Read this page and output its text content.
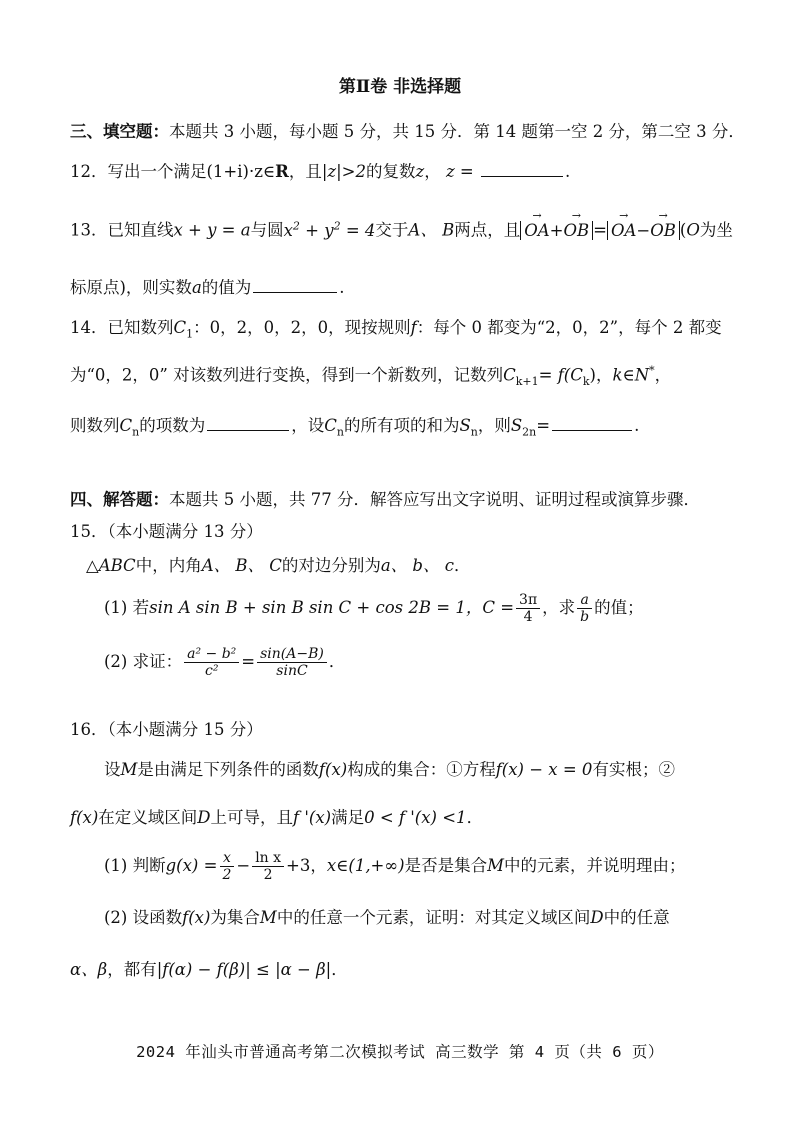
第Ⅱ卷 非选择题
三、填空题：本题共 3 小题，每小题 5 分，共 15 分．第 14 题第一空 2 分，第二空 3 分．
12．写出一个满足(1+i)·z∈R，且|z|>2的复数z， z =	.
13．已知直线x + y = a与圆$x^2 + y^2 = 4$交于A、 B两点，且 → OA+→ OB = → OA−→ OB (O为坐
标原点)，则实数a的值为	.
14．已知数列$C_1$：0，2，0，2，0，现按规则f：每个 0 都变为“2，0，2”，每个 2 都变
为“0，2，0” 对该数列进行变换，得到一个新数列，记数列$C_{k+1}= f(C_k)$，k∈N*，
则数列$C_n$的项数为	，设$C_n$的所有项的和为$S_n$，则$S_{2n}=$	.
四、解答题：本题共 5 小题，共 77 分．解答应写出文字说明、证明过程或演算步骤．
15．（本小题满分 13 分）
△ABC中，内角A、 B、 C的对边分别为a、 b、 c．
(1) 若sin A sin B + sin B sin C + cos 2B = 1，$C = \frac{3\pi}{4}$ ，求 $\frac{a}{b}$ 的值；
(2) 求证： $\frac{\text{a² − b²}}{\text{c²}} = \frac{\sin(A-B)}{\sin C}$ ．
16．（本小题满分 15 分）
设M是由满足下列条件的函数f(x)构成的集合：①方程f(x) − x = 0有实根；②
f(x)在定义域区间D上可导，且f '(x)满足0 < f '(x) <1．
(1) 判断$g(x) = \frac{x}{2} - \frac{\text{ln x}}{2} +3$，x∈(1,+∞)是否是集合M中的元素，并说明理由；
(2) 设函数f(x)为集合M中的任意一个元素，证明：对其定义域区间D中的任意
α、β，都有|f(α) − f(β)| ≤ |α − β|．
2024 年汕头市普通高考第二次模拟考试 高三数学 第 4 页（共 6 页）
